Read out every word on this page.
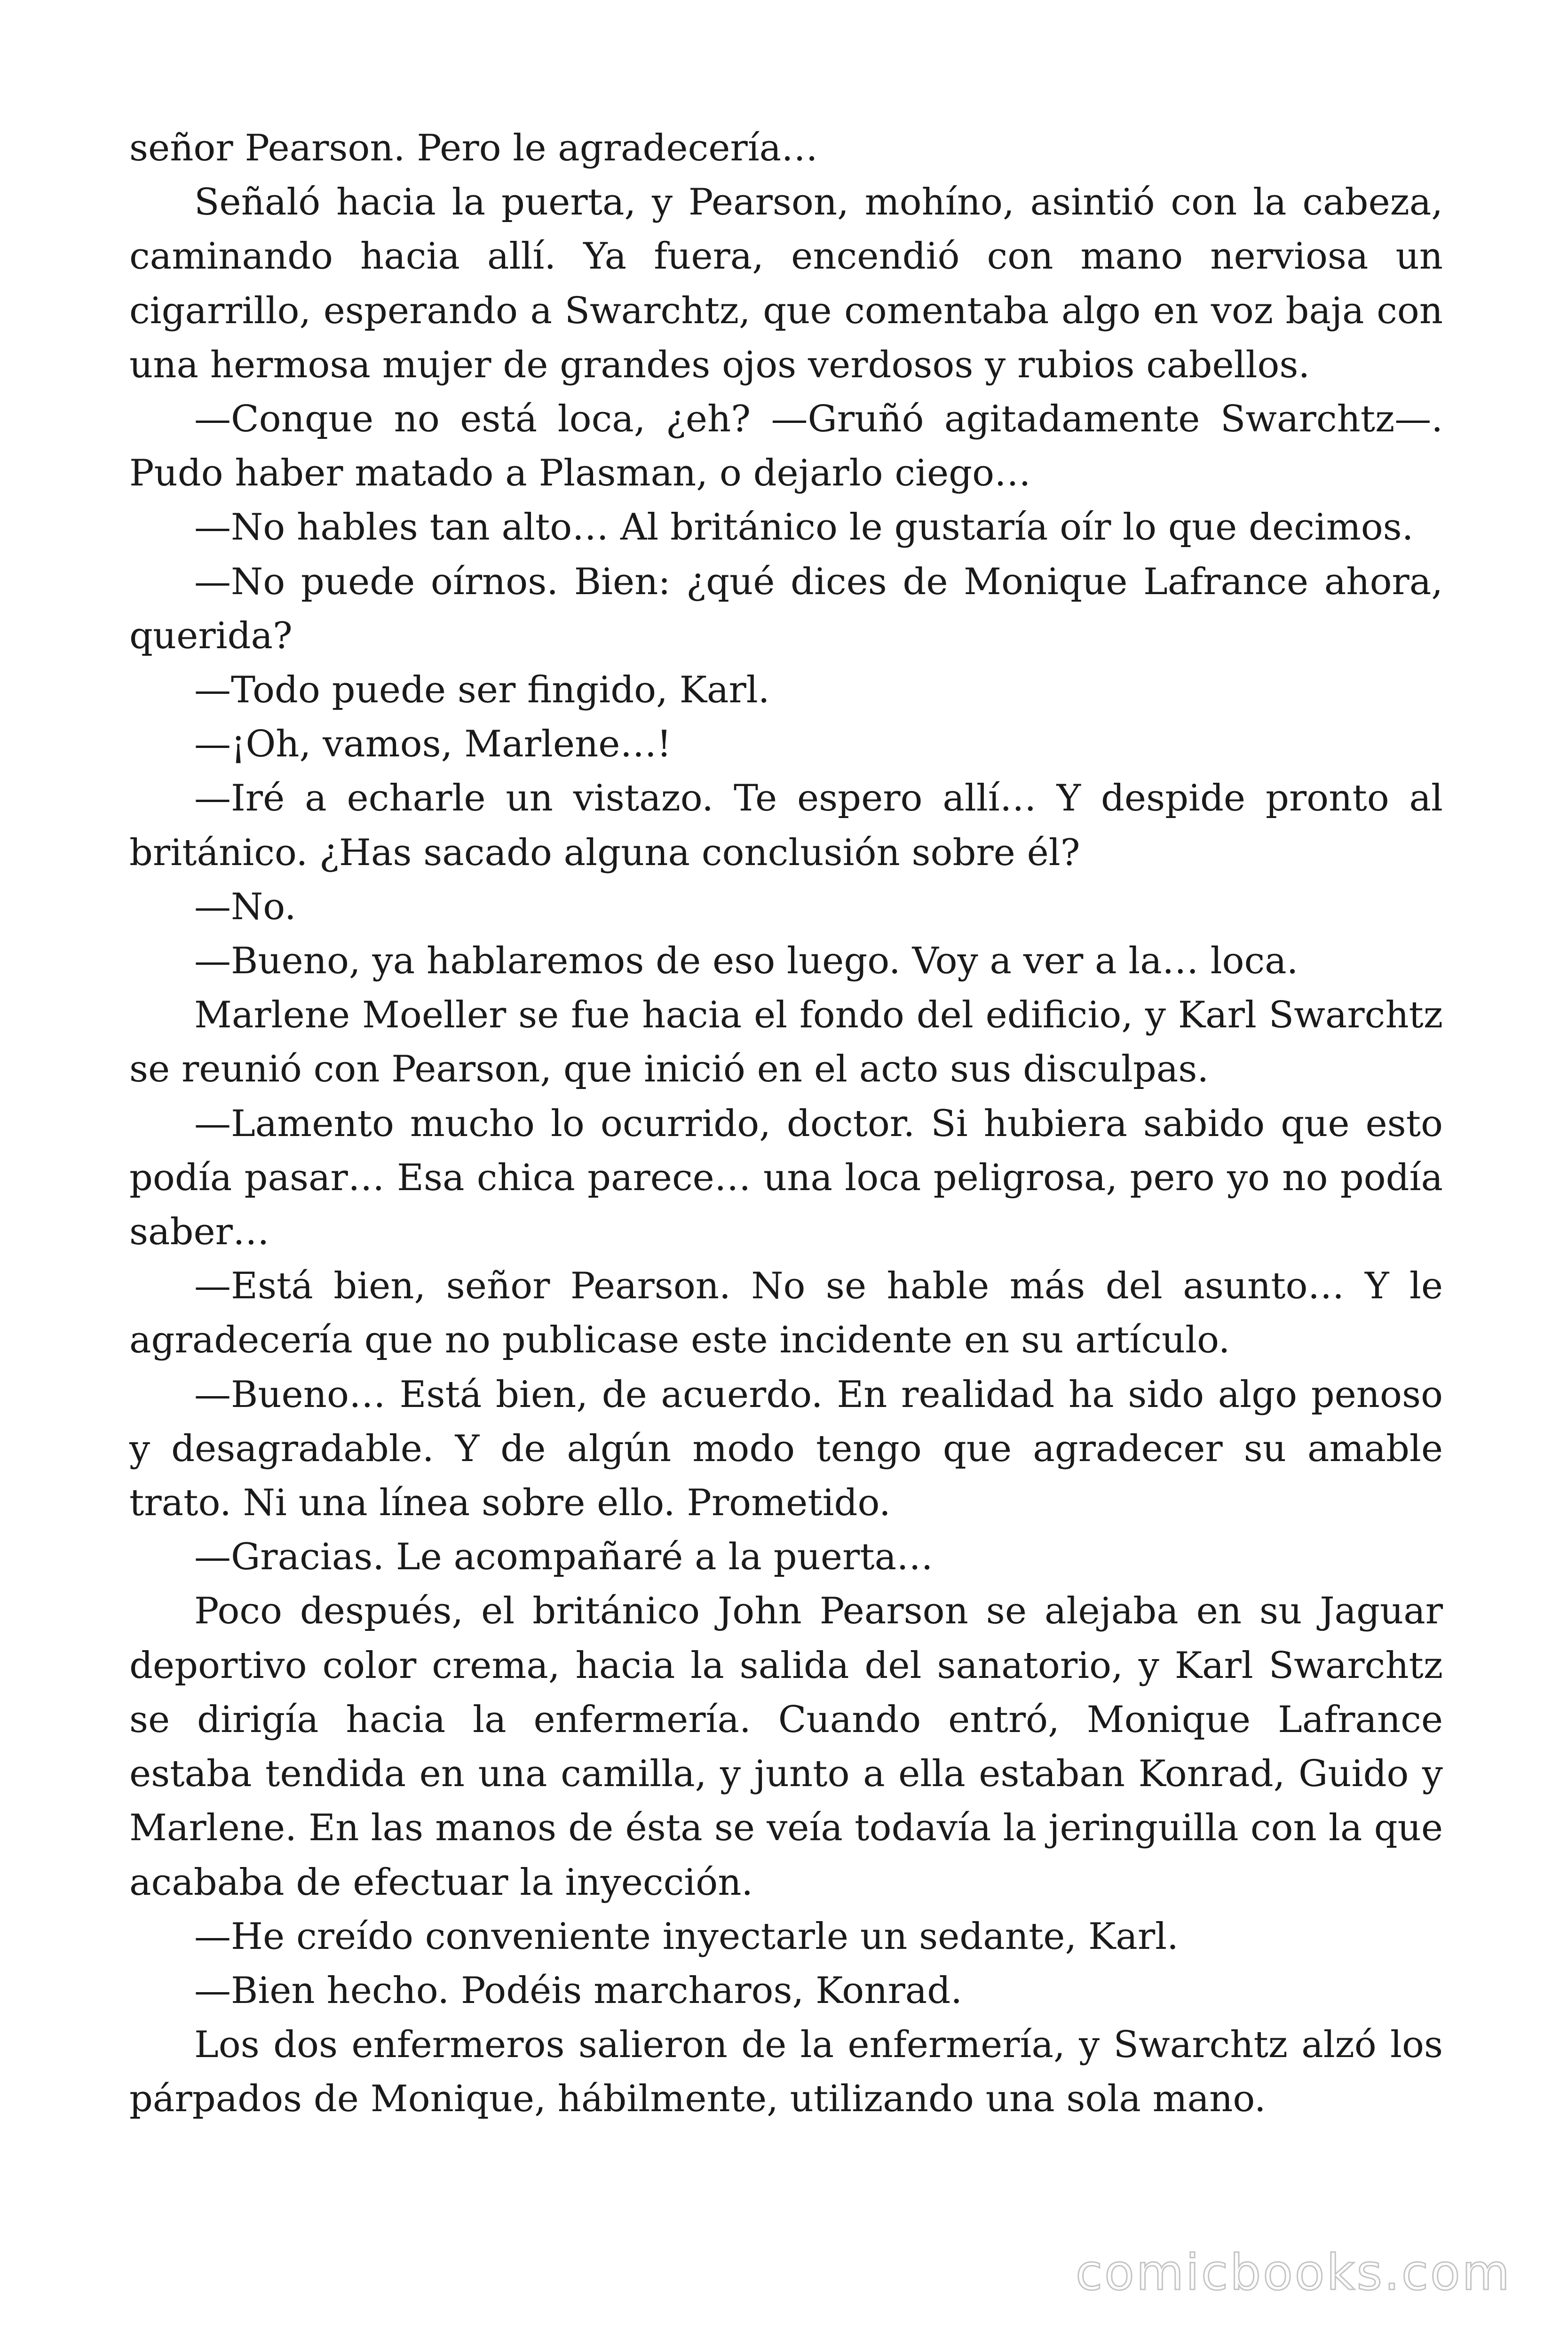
señor Pearson. Pero le agradecería…

Señaló hacia la puerta, y Pearson, mohíno, asintió con la cabeza, caminando hacia allí. Ya fuera, encendió con mano nerviosa un cigarrillo, esperando a Swarchtz, que comentaba algo en voz baja con una hermosa mujer de grandes ojos verdosos y rubios cabellos.

—Conque no está loca, ¿eh? —Gruñó agitadamente Swarchtz—. Pudo haber matado a Plasman, o dejarlo ciego…

—No hables tan alto… Al británico le gustaría oír lo que decimos.

—No puede oírnos. Bien: ¿qué dices de Monique Lafrance ahora, querida?

—Todo puede ser fingido, Karl.

—¡Oh, vamos, Marlene…!

—Iré a echarle un vistazo. Te espero allí… Y despide pronto al británico. ¿Has sacado alguna conclusión sobre él?

—No.

—Bueno, ya hablaremos de eso luego. Voy a ver a la… loca.

Marlene Moeller se fue hacia el fondo del edificio, y Karl Swarchtz se reunió con Pearson, que inició en el acto sus disculpas.

—Lamento mucho lo ocurrido, doctor. Si hubiera sabido que esto podía pasar… Esa chica parece… una loca peligrosa, pero yo no podía saber…

—Está bien, señor Pearson. No se hable más del asunto… Y le agradecería que no publicase este incidente en su artículo.

—Bueno… Está bien, de acuerdo. En realidad ha sido algo penoso y desagradable. Y de algún modo tengo que agradecer su amable trato. Ni una línea sobre ello. Prometido.

—Gracias. Le acompañaré a la puerta…

Poco después, el británico John Pearson se alejaba en su Jaguar deportivo color crema, hacia la salida del sanatorio, y Karl Swarchtz se dirigía hacia la enfermería. Cuando entró, Monique Lafrance estaba tendida en una camilla, y junto a ella estaban Konrad, Guido y Marlene. En las manos de ésta se veía todavía la jeringuilla con la que acababa de efectuar la inyección.

—He creído conveniente inyectarle un sedante, Karl.

—Bien hecho. Podéis marcharos, Konrad.

Los dos enfermeros salieron de la enfermería, y Swarchtz alzó los párpados de Monique, hábilmente, utilizando una sola mano.

comicbooks.com
